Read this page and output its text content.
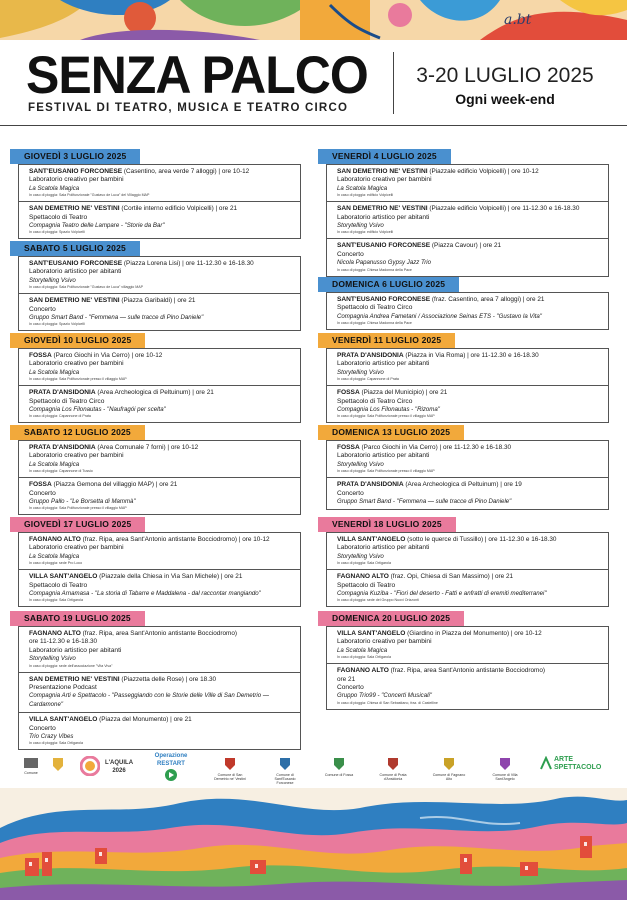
a.bt
SENZA PALCO
FESTIVAL DI TEATRO, MUSICA E TEATRO CIRCO
3-20 LUGLIO 2025
Ogni week-end
GIOVEDÌ 3 LUGLIO 2025
SANT'EUSANIO FORCONESE (Casentino, area verde 7 alloggi) | ore 10-12
Laboratorio creativo per bambini
La Scatola Magica
In caso di pioggia: Sala Polifunzionale "Gustavo de Luca" del Villaggio MAP
SAN DEMETRIO NE' VESTINI (Cortile interno edificio Volpicelli) | ore 21
Spettacolo di Teatro
Compagnia Teatro delle Lampare - "Storie da Bar"
In caso di pioggia: Spazio Volpicelli
SABATO 5 LUGLIO 2025
SANT'EUSANIO FORCONESE (Piazza Lorena Lisi) | ore 11-12.30 e 16-18.30
Laboratorio artistico per abitanti
Storytelling Vsivo
In caso di pioggia: Sala Polifunzionale "Gustavo de Luca" villaggio MAP
SAN DEMETRIO NE' VESTINI (Piazza Garibaldi) | ore 21
Concerto
Gruppo Smart Band - "Femmena — sulle tracce di Pino Daniele"
In caso di pioggia: Spazio Volpicelli
GIOVEDÌ 10 LUGLIO 2025
FOSSA (Parco Giochi in Via Cerro) | ore 10-12
Laboratorio creativo per bambini
La Scatola Magica
In caso di pioggia: Sala Polifunzionale presso il villaggio MAP
PRATA D'ANSIDONIA (Area Archeologica di Peltuinum) | ore 21
Spettacolo di Teatro Circo
Compagnia Los Filonautas - "Naufragói per scelta"
In caso di pioggia: Capannone di Prata
SABATO 12 LUGLIO 2025
PRATA D'ANSIDONIA (Area Comunale 7 forni) | ore 10-12
Laboratorio creativo per bambini
La Scatola Magica
In caso di pioggia: Capannone di Tussio
FOSSA (Piazza Gemona del villaggio MAP) | ore 21
Concerto
Gruppo Pallo - "Le Borsetta di Mammà"
In caso di pioggia: Sala Polifunzionale presso il villaggio MAP
GIOVEDÌ 17 LUGLIO 2025
FAGNANO ALTO (fraz. Ripa, area Sant'Antonio antistante Bocciodromo) | ore 10-12
Laboratorio creativo per bambini
La Scatola Magica
In caso di pioggia: sede Pro Loco
VILLA SANT'ANGELO (Piazzale della Chiesa in Via San Michele) | ore 21
Spettacolo di Teatro
Compagnia Arnamasa - "La storia di Tabarre e Maddalena - dal raccontar mangiando"
In caso di pioggia: Sala Ortigarola
SABATO 19 LUGLIO 2025
FAGNANO ALTO (fraz. Ripa, area Sant'Antonio antistante Bocciodromo)
ore 11-12.30 e 16-18.30
Laboratorio artistico per abitanti
Storytelling Vsivo
In caso di pioggia: sede dell'associazione "Vita Viva"
SAN DEMETRIO NE' VESTINI (Piazzetta delle Rose) | ore 18.30
Presentazione Podcast
Compagnia Arti e Spettacolo - "Passeggiando con le Storie delle Ville di San Demetrio — Cardamone"
VILLA SANT'ANGELO (Piazza del Monumento) | ore 21
Concerto
Trio Crazy Vibes
In caso di pioggia: Sala Ortigarola
VENERDÌ 4 LUGLIO 2025
SAN DEMETRIO NE' VESTINI (Piazzale edificio Volpicelli) | ore 10-12
Laboratorio creativo per bambini
La Scatola Magica
In caso di pioggia: edificio Volpicelli
SAN DEMETRIO NE' VESTINI (Piazzale edificio Volpicelli) | ore 11-12.30 e 16-18.30
Laboratorio artistico per abitanti
Storytelling Vsivo
In caso di pioggia: edificio Volpicelli
SANT'EUSANIO FORCONESE (Piazza Cavour) | ore 21
Concerto
Nicola Papanusso Gypsy Jazz Trio
In caso di pioggia: Chiesa Madonna della Pace
DOMENICA 6 LUGLIO 2025
SANT'EUSANIO FORCONESE (fraz. Casentino, area 7 alloggi) | ore 21
Spettacolo di Teatro Circo
Compagnia Andrea Fametani / Associazione Seinas ETS - "Gustavo la Vita"
In caso di pioggia: Chiesa Madonna della Pace
VENERDÌ 11 LUGLIO 2025
PRATA D'ANSIDONIA (Piazza in Via Roma) | ore 11-12.30 e 16-18.30
Laboratorio artistico per abitanti
Storytelling Vsivo
In caso di pioggia: Capannone di Prata
FOSSA (Piazza del Municipio) | ore 21
Spettacolo di Teatro Circo
Compagnia Los Filonautas - "Rizoma"
In caso di pioggia: Sala Polifunzionale presso il villaggio MAP
DOMENICA 13 LUGLIO 2025
FOSSA (Parco Giochi in Via Cerro) | ore 11-12.30 e 16-18.30
Laboratorio artistico per abitanti
Storytelling Vsivo
In caso di pioggia: Sala Polifunzionale presso il villaggio MAP
PRATA D'ANSIDONIA (Area Archeologica di Peltuinum) | ore 19
Concerto
Gruppo Smart Band - "Femmena — sulle tracce di Pino Daniele"
VENERDÌ 18 LUGLIO 2025
VILLA SANT'ANGELO (sotto le querce di Tussillo) | ore 11-12.30 e 16-18.30
Laboratorio artistico per abitanti
Storytelling Vsivo
In caso di pioggia: Sala Ortigarola
FAGNANO ALTO (fraz. Opi, Chiesa di San Massimo) | ore 21
Spettacolo di Teatro
Compagnia Kuziba - "Fiori del deserto - Fatti e anfratti di eremiti mediterranei"
In caso di pioggia: sede del Gruppo Nuovi Orizzonti
DOMENICA 20 LUGLIO 2025
VILLA SANT'ANGELO (Giardino in Piazza del Monumento) | ore 10-12
Laboratorio creativo per bambini
La Scatola Magica
In caso di pioggia: Sala Ortigarola
FAGNANO ALTO (fraz. Ripa, area Sant'Antonio antistante Bocciodromo)
ore 21
Concerto
Gruppo Trio99 - "Concerti Musicali"
In caso di pioggia: Chiesa di San Sebastiano, fraz. di Castelline
Comune
L'AQUILA 2026
Operazione RESTART
Comune di San Demetrio ne' Vestini
Comune di Sant'Eusanio Forconese
Comune di Fossa	Comune di Prata d'Ansidonia
Comune di Fagnano Alto
Comune di Villa Sant'Angelo
ARTE SPETTACOLO
